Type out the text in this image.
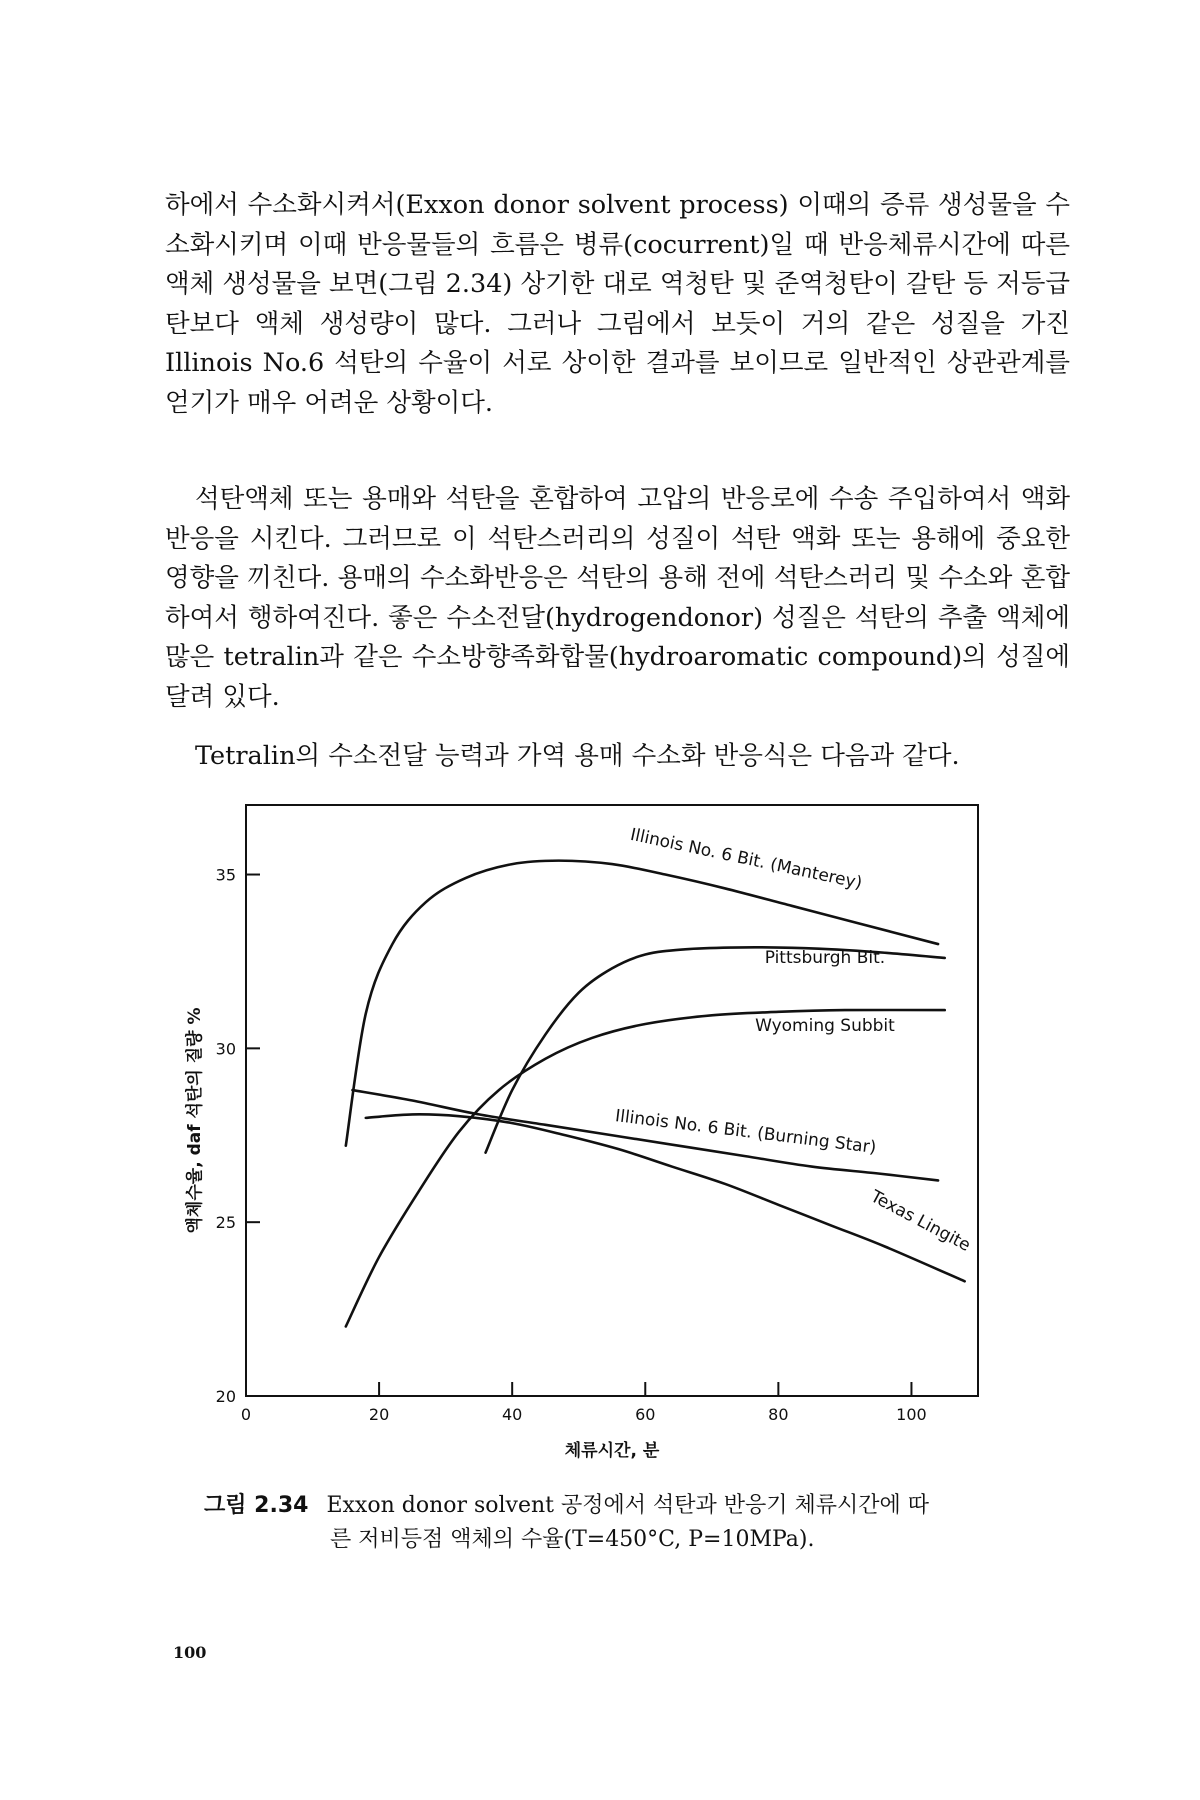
하에서 수소화시켜서(Exxon donor solvent process) 이때의 증류 생성물을 수소화시키며 이때 반응물들의 흐름은 병류(cocurrent)일 때 반응체류시간에 따른 액체 생성물을 보면(그림 2.34) 상기한 대로 역청탄 및 준역청탄이 갈탄 등 저등급탄보다 액체 생성량이 많다. 그러나 그림에서 보듯이 거의 같은 성질을 가진 Illinois No.6 석탄의 수율이 서로 상이한 결과를 보이므로 일반적인 상관관계를 얻기가 매우 어려운 상황이다.

석탄액체 또는 용매와 석탄을 혼합하여 고압의 반응로에 수송 주입하여서 액화반응을 시킨다. 그러므로 이 석탄스러리의 성질이 석탄 액화 또는 용해에 중요한 영향을 끼친다. 용매의 수소화반응은 석탄의 용해 전에 석탄스러리 및 수소와 혼합하여서 행하여진다. 좋은 수소전달(hydrogendonor) 성질은 석탄의 추출 액체에 많은 tetralin과 같은 수소방향족화합물(hydroaromatic compound)의 성질에 달려 있다.

Tetralin의 수소전달 능력과 가역 용매 수소화 반응식은 다음과 같다.

20
25
30
35
0	20	40	60	80	100
체류시간, 분
액체수율, daf 석탄의 질량 %
Illinois No. 6 Bit. (Manterey)
Pittsburgh Bit.
Wyoming Subbit
Illinois No. 6 Bit. (Burning Star)
Texas Lingite

그림 2.34 Exxon donor solvent 공정에서 석탄과 반응기 체류시간에 따
른 저비등점 액체의 수율(T=450°C, P=10MPa).

100
